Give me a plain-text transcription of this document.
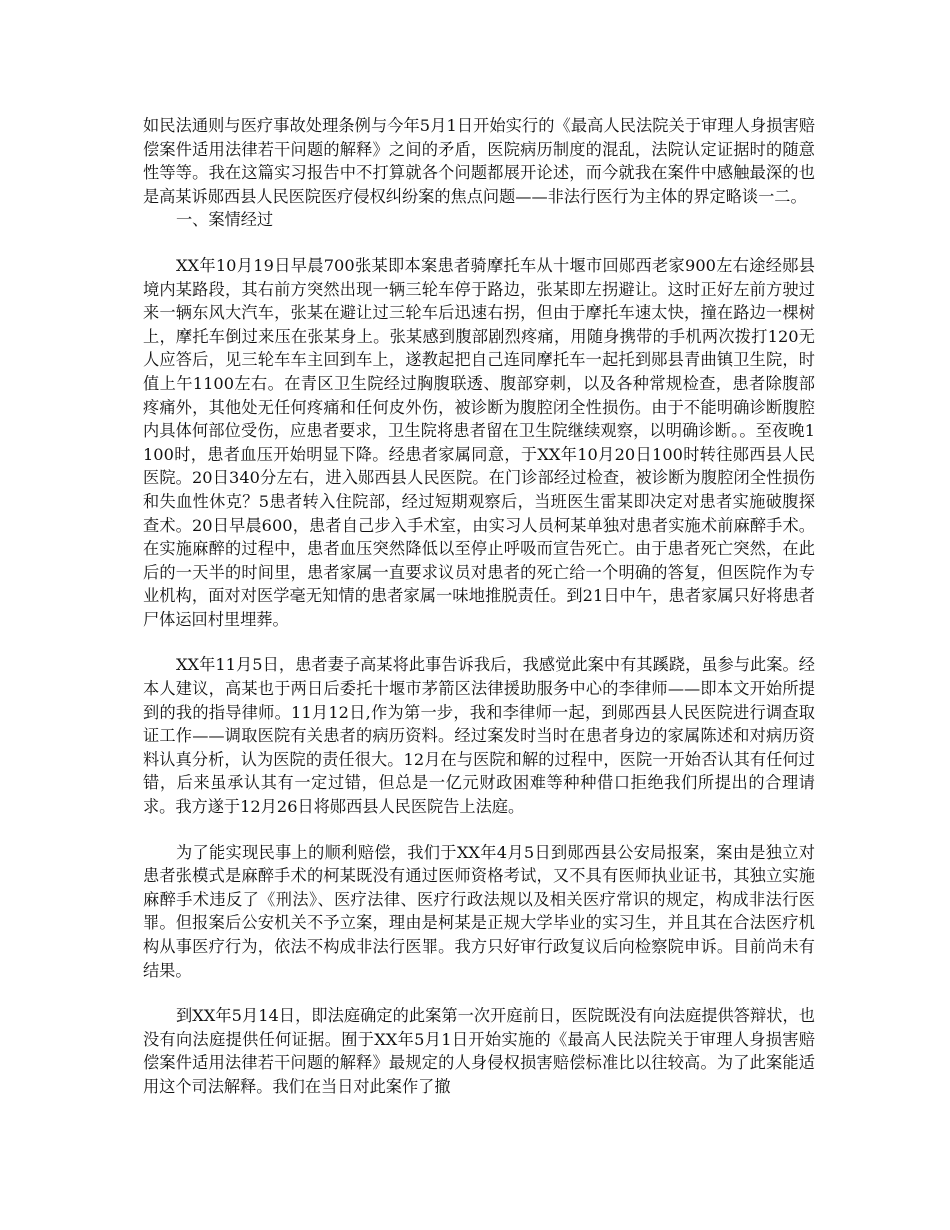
如民法通则与医疗事故处理条例与今年5月1日开始实行的《最高人民法院关于审理人身损害赔偿案件适用法律若干问题的解释》之间的矛盾，医院病历制度的混乱，法院认定证据时的随意性等等。我在这篇实习报告中不打算就各个问题都展开论述，而今就我在案件中感触最深的也是高某诉郧西县人民医院医疗侵权纠纷案的焦点问题——非法行医行为主体的界定略谈一二。

一、案情经过

XX年10月19日早晨700张某即本案患者骑摩托车从十堰市回郧西老家900左右途经郧县境内某路段，其右前方突然出现一辆三轮车停于路边，张某即左拐避让。这时正好左前方驶过来一辆东风大汽车，张某在避让过三轮车后迅速右拐，但由于摩托车速太快，撞在路边一棵树上，摩托车倒过来压在张某身上。张某感到腹部剧烈疼痛，用随身携带的手机两次拨打120无人应答后，见三轮车车主回到车上，遂教起把自己连同摩托车一起托到郧县青曲镇卫生院，时值上午1100左右。在青区卫生院经过胸腹联透、腹部穿刺，以及各种常规检查，患者除腹部疼痛外，其他处无任何疼痛和任何皮外伤，被诊断为腹腔闭全性损伤。由于不能明确诊断腹腔内具体何部位受伤，应患者要求，卫生院将患者留在卫生院继续观察，以明确诊断。。至夜晚1100时，患者血压开始明显下降。经患者家属同意，于XX年10月20日100时转往郧西县人民医院。20日340分左右，进入郧西县人民医院。在门诊部经过检查，被诊断为腹腔闭全性损伤和失血性休克？5患者转入住院部，经过短期观察后，当班医生雷某即决定对患者实施破腹探查术。20日早晨600，患者自己步入手术室，由实习人员柯某单独对患者实施术前麻醉手术。在实施麻醉的过程中，患者血压突然降低以至停止呼吸而宣告死亡。由于患者死亡突然，在此后的一天半的时间里，患者家属一直要求议员对患者的死亡给一个明确的答复，但医院作为专业机构，面对对医学毫无知情的患者家属一味地推脱责任。到21日中午，患者家属只好将患者尸体运回村里埋葬。

XX年11月5日，患者妻子高某将此事告诉我后，我感觉此案中有其蹊跷，虽参与此案。经本人建议，高某也于两日后委托十堰市茅箭区法律援助服务中心的李律师——即本文开始所提到的我的指导律师。11月12日,作为第一步，我和李律师一起，到郧西县人民医院进行调查取证工作——调取医院有关患者的病历资料。经过案发时当时在患者身边的家属陈述和对病历资料认真分析，认为医院的责任很大。12月在与医院和解的过程中，医院一开始否认其有任何过错，后来虽承认其有一定过错，但总是一亿元财政困难等种种借口拒绝我们所提出的合理请求。我方遂于12月26日将郧西县人民医院告上法庭。

为了能实现民事上的顺利赔偿，我们于XX年4月5日到郧西县公安局报案，案由是独立对患者张模式是麻醉手术的柯某既没有通过医师资格考试，又不具有医师执业证书，其独立实施麻醉手术违反了《刑法》、医疗法律、医疗行政法规以及相关医疗常识的规定，构成非法行医罪。但报案后公安机关不予立案，理由是柯某是正规大学毕业的实习生，并且其在合法医疗机构从事医疗行为，依法不构成非法行医罪。我方只好审行政复议后向检察院申诉。目前尚未有结果。

到XX年5月14日，即法庭确定的此案第一次开庭前日，医院既没有向法庭提供答辩状，也没有向法庭提供任何证据。囿于XX年5月1日开始实施的《最高人民法院关于审理人身损害赔偿案件适用法律若干问题的解释》最规定的人身侵权损害赔偿标准比以往较高。为了此案能适用这个司法解释。我们在当日对此案作了撤
